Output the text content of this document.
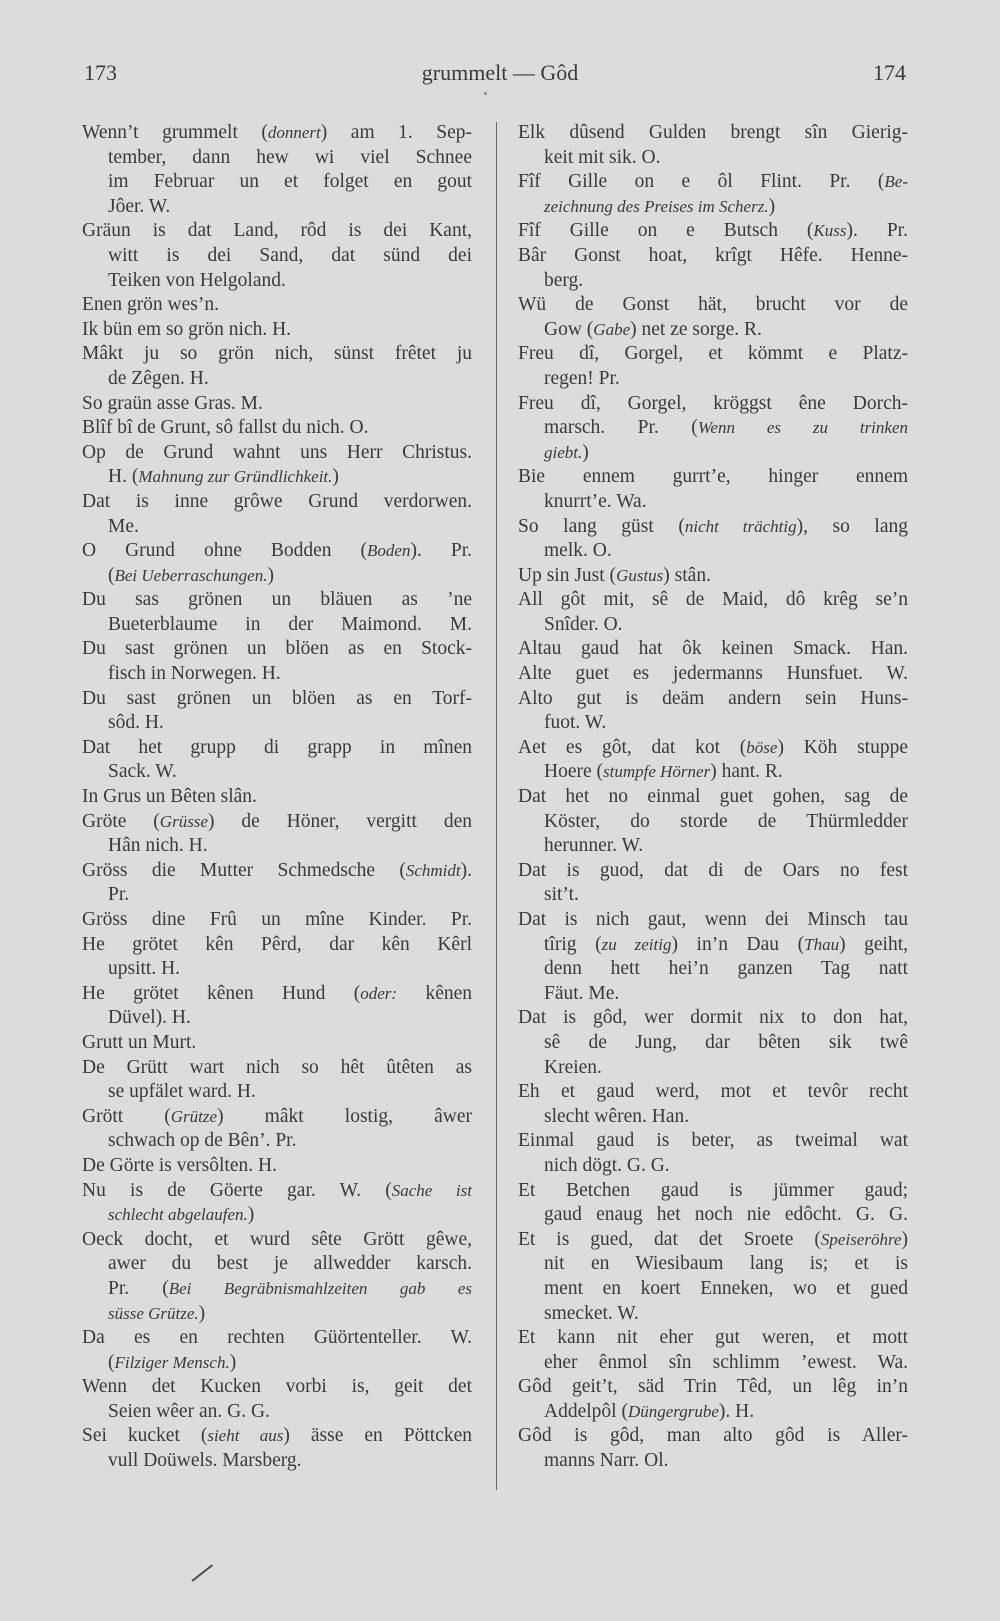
173	grummelt — Gôd	174
Wenn’t grummelt (donnert) am 1. Sep-
tember, dann hew wi viel Schnee
im Februar un et folget en gout
Jôer. W.
Gräun is dat Land, rôd is dei Kant,
witt is dei Sand, dat sünd dei
Teiken von Helgoland.
Enen grön wes’n.
Ik bün em so grön nich. H.
Mâkt ju so grön nich, sünst frêtet ju
de Zêgen. H.
So graün asse Gras. M.
Blîf bî de Grunt, sô fallst du nich. O.
Op de Grund wahnt uns Herr Christus.
H. (Mahnung zur Gründlichkeit.)
Dat is inne grôwe Grund verdorwen.
Me.
O Grund ohne Bodden (Boden). Pr.
(Bei Ueberraschungen.)
Du sas grönen un bläuen as ’ne
Bueterblaume in der Maimond. M.
Du sast grönen un blöen as en Stock-
fisch in Norwegen. H.
Du sast grönen un blöen as en Torf-
sôd. H.
Dat het grupp di grapp in mînen
Sack. W.
In Grus un Bêten slân.
Gröte (Grüsse) de Höner, vergitt den
Hân nich. H.
Gröss die Mutter Schmedsche (Schmidt).
Pr.
Gröss dine Frû un mîne Kinder. Pr.
He grötet kên Pêrd, dar kên Kêrl
upsitt. H.
He grötet kênen Hund (oder: kênen
Düvel). H.
Grutt un Murt.
De Grütt wart nich so hêt ûtêten as
se upfälet ward. H.
Grött (Grütze) mâkt lostig, âwer
schwach op de Bên’. Pr.
De Görte is versôlten. H.
Nu is de Göerte gar. W. (Sache ist
schlecht abgelaufen.)
Oeck docht, et wurd sête Grött gêwe,
awer du best je allwedder karsch.
Pr. (Bei Begräbnismahlzeiten gab es
süsse Grütze.)
Da es en rechten Güörtenteller. W.
(Filziger Mensch.)
Wenn det Kucken vorbi is, geit det
Seien wêer an. G. G.
Sei kucket (sieht aus) ässe en Pöttcken
vull Doüwels. Marsberg.
Elk dûsend Gulden brengt sîn Gierig-
keit mit sik. O.
Fîf Gille on e ôl Flint. Pr. (Be-
zeichnung des Preises im Scherz.)
Fîf Gille on e Butsch (Kuss). Pr.
Bâr Gonst hoat, krîgt Hêfe. Henne-
berg.
Wü de Gonst hät, brucht vor de
Gow (Gabe) net ze sorge. R.
Freu dî, Gorgel, et kömmt e Platz-
regen! Pr.
Freu dî, Gorgel, kröggst êne Dorch-
marsch. Pr. (Wenn es zu trinken
giebt.)
Bie ennem gurrt’e, hinger ennem
knurrt’e. Wa.
So lang güst (nicht trächtig), so lang
melk. O.
Up sin Just (Gustus) stân.
All gôt mit, sê de Maid, dô krêg se’n
Snîder. O.
Altau gaud hat ôk keinen Smack. Han.
Alte guet es jedermanns Hunsfuet. W.
Alto gut is deäm andern sein Huns-
fuot. W.
Aet es gôt, dat kot (böse) Köh stuppe
Hoere (stumpfe Hörner) hant. R.
Dat het no einmal guet gohen, sag de
Köster, do storde de Thürmledder
herunner. W.
Dat is guod, dat di de Oars no fest
sit’t.
Dat is nich gaut, wenn dei Minsch tau
tîrig (zu zeitig) in’n Dau (Thau) geiht,
denn hett hei’n ganzen Tag natt
Fäut. Me.
Dat is gôd, wer dormit nix to don hat,
sê de Jung, dar bêten sik twê
Kreien.
Eh et gaud werd, mot et tevôr recht
slecht wêren. Han.
Einmal gaud is beter, as tweimal wat
nich dögt. G. G.
Et Betchen gaud is jümmer gaud;
gaud enaug het noch nie edôcht. G. G.
Et is gued, dat det Sroete (Speiseröhre)
nit en Wiesibaum lang is; et is
ment en koert Enneken, wo et gued
smecket. W.
Et kann nit eher gut weren, et mott
eher ênmol sîn schlimm ’ewest. Wa.
Gôd geit’t, säd Trin Têd, un lêg in’n
Addelpôl (Düngergrube). H.
Gôd is gôd, man alto gôd is Aller-
manns Narr. Ol.
